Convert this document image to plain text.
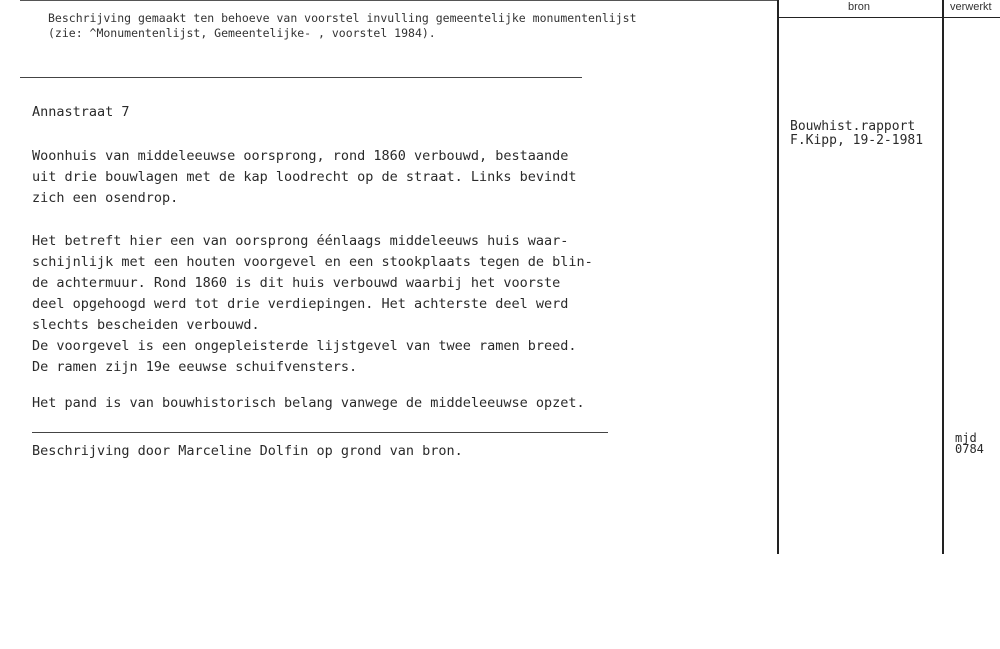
Beschrijving gemaakt ten behoeve van voorstel invulling gemeentelijke monumentenlijst
(zie: ^Monumentenlijst, Gemeentelijke- , voorstel 1984).
bron	verwerkt
Annastraat 7
Woonhuis van middeleeuwse oorsprong, rond 1860 verbouwd, bestaande
uit drie bouwlagen met de kap loodrecht op de straat. Links bevindt
zich een osendrop.
Het betreft hier een van oorsprong éénlaags middeleeuws huis waar-
schijnlijk met een houten voorgevel en een stookplaats tegen de blin-
de achtermuur. Rond 1860 is dit huis verbouwd waarbij het voorste
deel opgehoogd werd tot drie verdiepingen. Het achterste deel werd
slechts bescheiden verbouwd.
De voorgevel is een ongepleisterde lijstgevel van twee ramen breed.
De ramen zijn 19e eeuwse schuifvensters.
Het pand is van bouwhistorisch belang vanwege de middeleeuwse opzet.
Beschrijving door Marceline Dolfin op grond van bron.
Bouwhist.rapport
F.Kipp, 19-2-1981
mjd
0784
